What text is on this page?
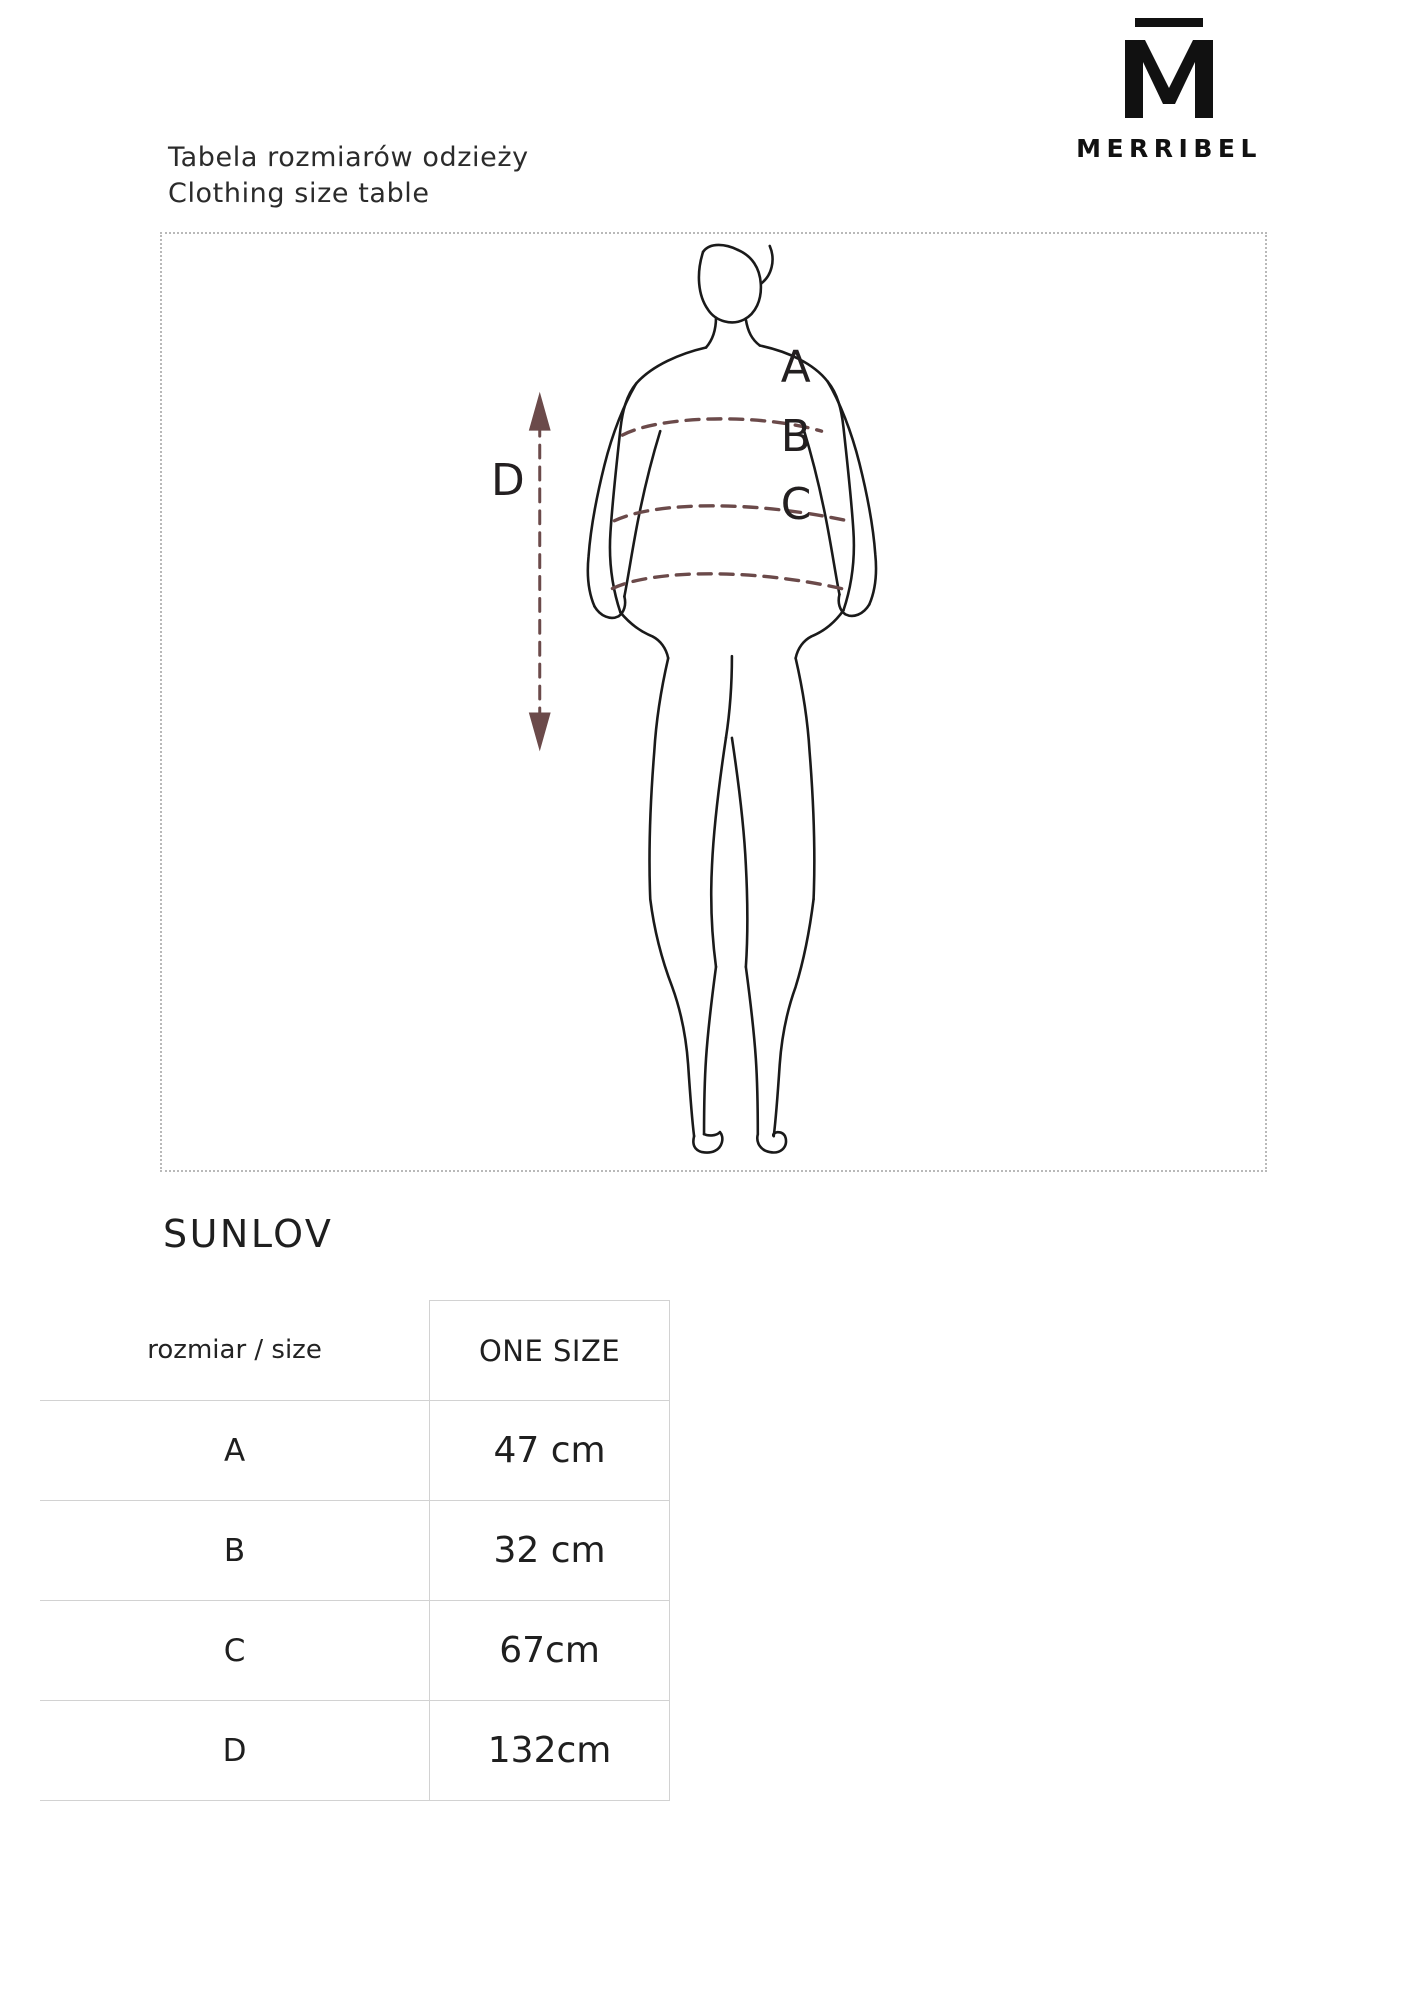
Tabela rozmiarów odzieży
Clothing size table
MERRIBEL
A
B
C
D
SUNLOV
rozmiar / size	ONE SIZE
A	47 cm
B	32 cm
C	67cm
D	132cm
